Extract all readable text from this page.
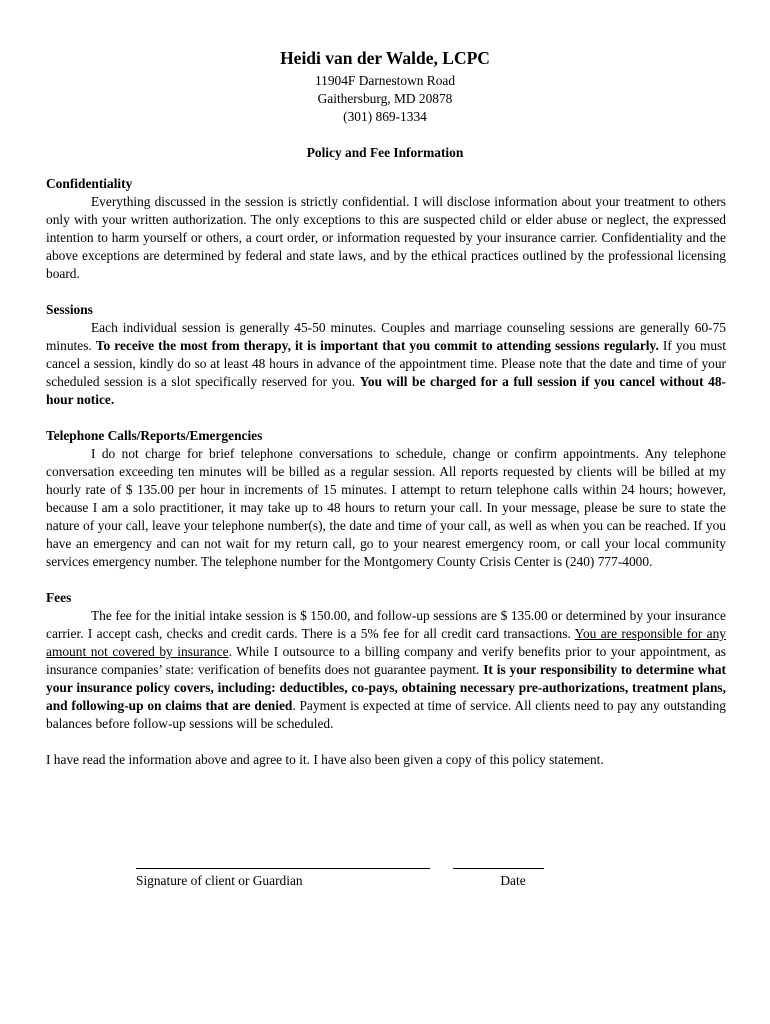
Heidi van der Walde, LCPC
11904F Darnestown Road
Gaithersburg, MD 20878
(301) 869-1334
Policy and Fee Information
Confidentiality
Everything discussed in the session is strictly confidential. I will disclose information about your treatment to others only with your written authorization. The only exceptions to this are suspected child or elder abuse or neglect, the expressed intention to harm yourself or others, a court order, or information requested by your insurance carrier. Confidentiality and the above exceptions are determined by federal and state laws, and by the ethical practices outlined by the professional licensing board.
Sessions
Each individual session is generally 45-50 minutes. Couples and marriage counseling sessions are generally 60-75 minutes. To receive the most from therapy, it is important that you commit to attending sessions regularly. If you must cancel a session, kindly do so at least 48 hours in advance of the appointment time. Please note that the date and time of your scheduled session is a slot specifically reserved for you. You will be charged for a full session if you cancel without 48- hour notice.
Telephone Calls/Reports/Emergencies
I do not charge for brief telephone conversations to schedule, change or confirm appointments. Any telephone conversation exceeding ten minutes will be billed as a regular session. All reports requested by clients will be billed at my hourly rate of $ 135.00 per hour in increments of 15 minutes. I attempt to return telephone calls within 24 hours; however, because I am a solo practitioner, it may take up to 48 hours to return your call. In your message, please be sure to state the nature of your call, leave your telephone number(s), the date and time of your call, as well as when you can be reached. If you have an emergency and can not wait for my return call, go to your nearest emergency room, or call your local community services emergency number. The telephone number for the Montgomery County Crisis Center is (240) 777-4000.
Fees
The fee for the initial intake session is $ 150.00, and follow-up sessions are $ 135.00 or determined by your insurance carrier. I accept cash, checks and credit cards. There is a 5% fee for all credit card transactions. You are responsible for any amount not covered by insurance. While I outsource to a billing company and verify benefits prior to your appointment, as insurance companies’ state: verification of benefits does not guarantee payment. It is your responsibility to determine what your insurance policy covers, including: deductibles, co-pays, obtaining necessary pre-authorizations, treatment plans, and following-up on claims that are denied. Payment is expected at time of service. All clients need to pay any outstanding balances before follow-up sessions will be scheduled.
I have read the information above and agree to it. I have also been given a copy of this policy statement.
Signature of client or Guardian	Date
